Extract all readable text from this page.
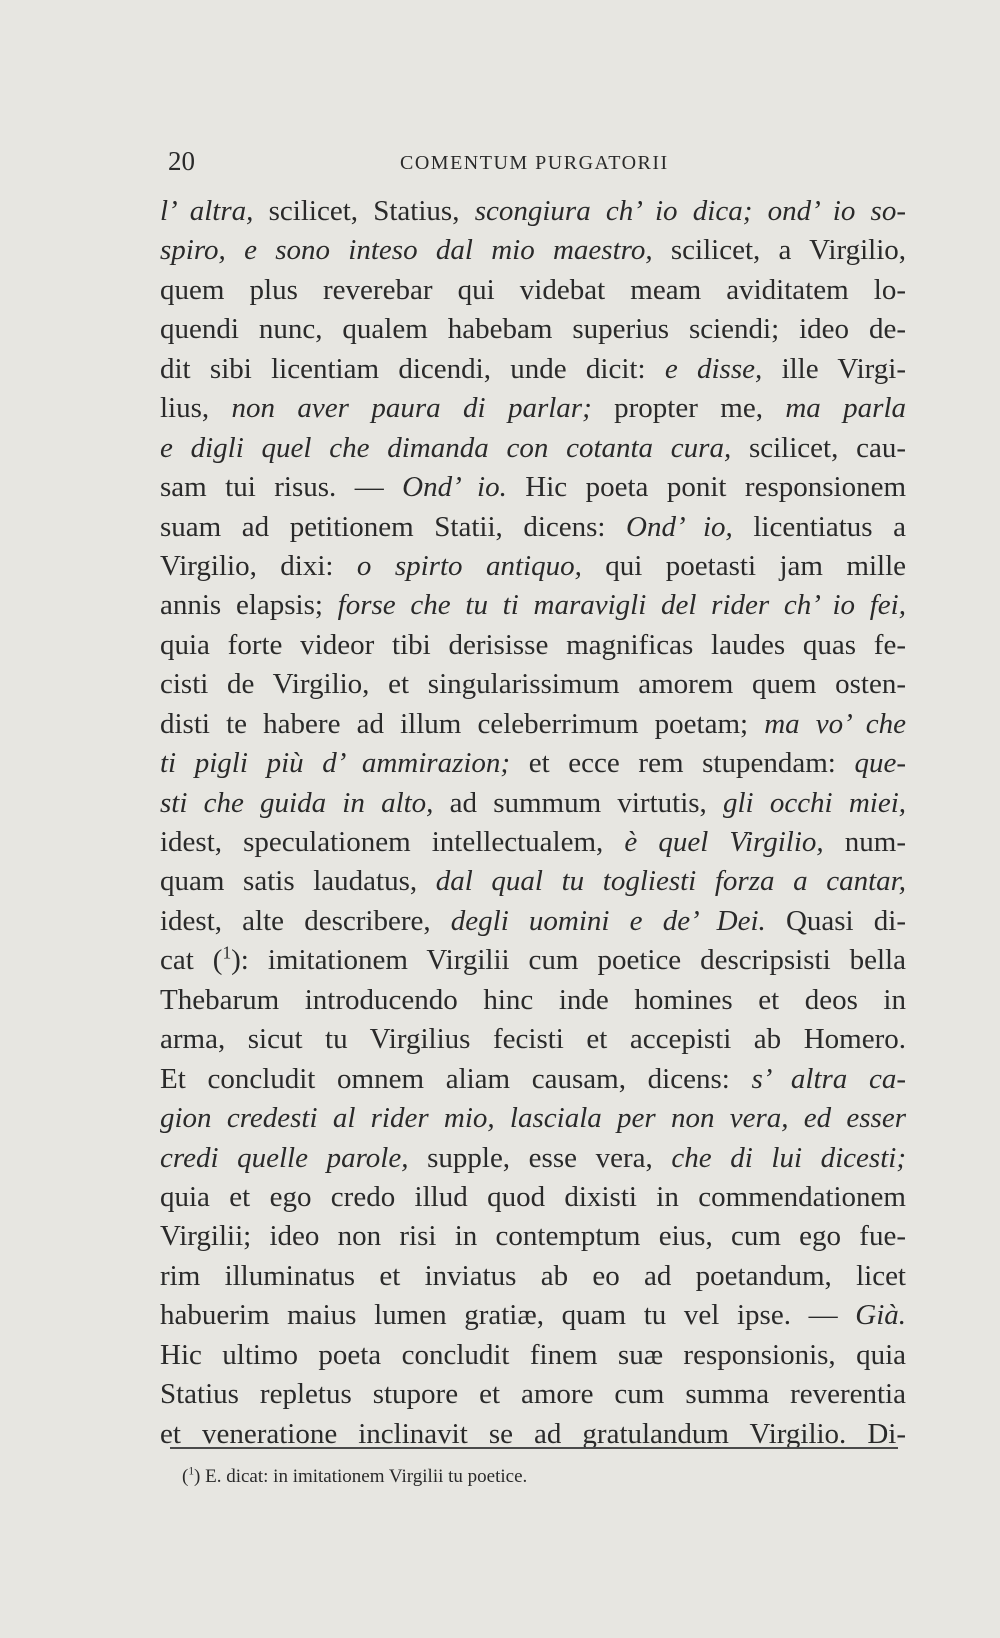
20	COMENTUM PURGATORII
l’ altra, scilicet, Statius, scongiura ch’ io dica; ond’ io so-
spiro, e sono inteso dal mio maestro, scilicet, a Virgilio,
quem plus reverebar qui videbat meam aviditatem lo-
quendi nunc, qualem habebam superius sciendi; ideo de-
dit sibi licentiam dicendi, unde dicit: e disse, ille Virgi-
lius, non aver paura di parlar; propter me, ma parla
e digli quel che dimanda con cotanta cura, scilicet, cau-
sam tui risus. — Ond’ io. Hic poeta ponit responsionem
suam ad petitionem Statii, dicens: Ond’ io, licentiatus a
Virgilio, dixi: o spirto antiquo, qui poetasti jam mille
annis elapsis; forse che tu ti maravigli del rider ch’ io fei,
quia forte videor tibi derisisse magnificas laudes quas fe-
cisti de Virgilio, et singularissimum amorem quem osten-
disti te habere ad illum celeberrimum poetam; ma vo’ che
ti pigli più d’ ammirazion; et ecce rem stupendam: que-
sti che guida in alto, ad summum virtutis, gli occhi miei,
idest, speculationem intellectualem, è quel Virgilio, num-
quam satis laudatus, dal qual tu togliesti forza a cantar,
idest, alte describere, degli uomini e de’ Dei. Quasi di-
cat ($^1$): imitationem Virgilii cum poetice descripsisti bella
Thebarum introducendo hinc inde homines et deos in
arma, sicut tu Virgilius fecisti et accepisti ab Homero.
Et concludit omnem aliam causam, dicens: s’ altra ca-
gion credesti al rider mio, lasciala per non vera, ed esser
credi quelle parole, supple, esse vera, che di lui dicesti;
quia et ego credo illud quod dixisti in commendationem
Virgilii; ideo non risi in contemptum eius, cum ego fue-
rim illuminatus et inviatus ab eo ad poetandum, licet
habuerim maius lumen gratiæ, quam tu vel ipse. — Già.
Hic ultimo poeta concludit finem suæ responsionis, quia
Statius repletus stupore et amore cum summa reverentia
et veneratione inclinavit se ad gratulandum Virgilio. Di-
($^1$) E. dicat: in imitationem Virgilii tu poetice.
